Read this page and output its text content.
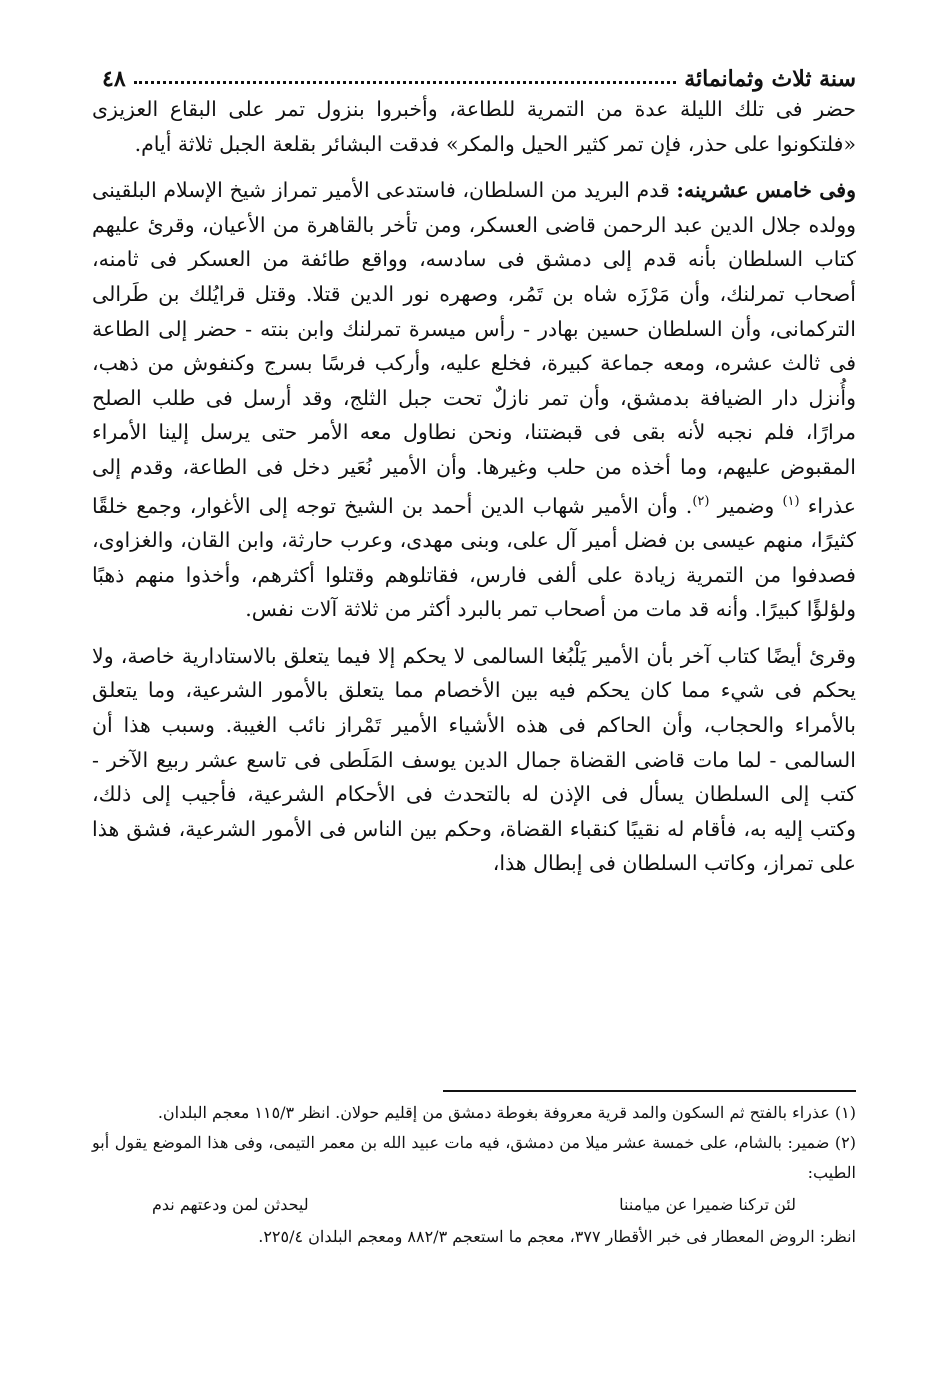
سنة ثلاث وثمانمائة
٤٨

حضر فى تلك الليلة عدة من التمرية للطاعة، وأخبروا بنزول تمر على البقاع العزيزى «فلتكونوا على حذر، فإن تمر كثير الحيل والمكر» فدقت البشائر بقلعة الجبل ثلاثة أيام.

وفى خامس عشرينه: قدم البريد من السلطان، فاستدعى الأمير تمراز شيخ الإسلام البلقينى وولده جلال الدين عبد الرحمن قاضى العسكر، ومن تأخر بالقاهرة من الأعيان، وقرئ عليهم كتاب السلطان بأنه قدم إلى دمشق فى سادسه، وواقع طائفة من العسكر فى ثامنه، أصحاب تمرلنك، وأن مَرْزَه شاه بن تَمُر، وصهره نور الدين قتلا. وقتل قرايُلك بن طَرالى التركمانى، وأن السلطان حسين بهادر - رأس ميسرة تمرلنك وابن بنته - حضر إلى الطاعة فى ثالث عشره، ومعه جماعة كبيرة، فخلع عليه، وأركب فرسًا بسرج وكنفوش من ذهب، وأُنزل دار الضيافة بدمشق، وأن تمر نازلٌ تحت جبل الثلج، وقد أرسل فى طلب الصلح مرارًا، فلم نجبه لأنه بقى فى قبضتنا، ونحن نطاول معه الأمر حتى يرسل إلينا الأمراء المقبوض عليهم، وما أخذه من حلب وغيرها. وأن الأمير نُعَير دخل فى الطاعة، وقدم إلى عذراء $^{(١)}$ وضمير $^{(٢)}$. وأن الأمير شهاب الدين أحمد بن الشيخ توجه إلى الأغوار، وجمع خلقًا كثيرًا، منهم عيسى بن فضل أمير آل على، وبنى مهدى، وعرب حارثة، وابن القان، والغزاوى، فصدفوا من التمرية زيادة على ألفى فارس، فقاتلوهم وقتلوا أكثرهم، وأخذوا منهم ذهبًا ولؤلؤًا كبيرًا. وأنه قد مات من أصحاب تمر بالبرد أكثر من ثلاثة آلات نفس.

وقرئ أيضًا كتاب آخر بأن الأمير يَلْبُغا السالمى لا يحكم إلا فيما يتعلق بالاستادارية خاصة، ولا يحكم فى شيء مما كان يحكم فيه بين الأخصام مما يتعلق بالأمور الشرعية، وما يتعلق بالأمراء والحجاب، وأن الحاكم فى هذه الأشياء الأمير تَمْراز نائب الغيبة. وسبب هذا أن السالمى - لما مات قاضى القضاة جمال الدين يوسف المَلَطى فى تاسع عشر ربيع الآخر - كتب إلى السلطان يسأل فى الإذن له بالتحدث فى الأحكام الشرعية، فأجيب إلى ذلك، وكتب إليه به، فأقام له نقيبًا كنقباء القضاة، وحكم بين الناس فى الأمور الشرعية، فشق هذا على تمراز، وكاتب السلطان فى إبطال هذا،

(١) عذراء بالفتح ثم السكون والمد قرية معروفة بغوطة دمشق من إقليم حولان. انظر ١١٥/٣ معجم البلدان.

(٢) ضمير: بالشام، على خمسة عشر ميلا من دمشق، فيه مات عبيد الله بن معمر التيمى، وفى هذا الموضع يقول أبو الطيب:

لئن تركنا ضميرا عن ميامننا
ليحدثن لمن ودعتهم ندم

انظر: الروض المعطار فى خبر الأقطار ٣٧٧، معجم ما استعجم ٨٨٢/٣ ومعجم البلدان ٢٢٥/٤.
